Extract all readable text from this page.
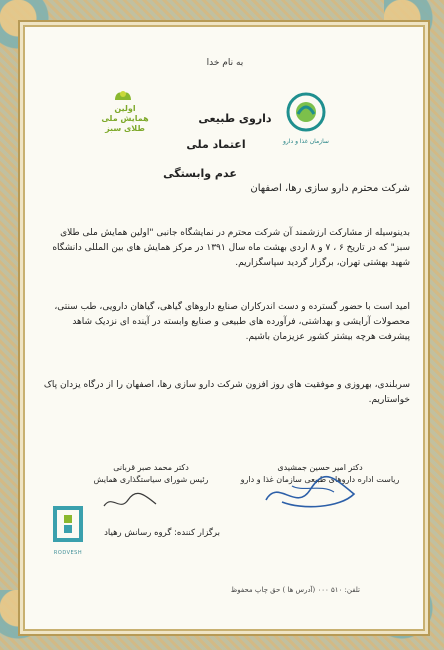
به نام خدا
اولین
همایش ملی
طلای سبز
سازمان غذا و دارو
داروی طبیعی
اعتماد ملی
عدم وابستگی
شرکت محترم دارو سازی رها، اصفهان
بدینوسیله از مشارکت ارزشمند آن شرکت محترم در نمایشگاه جانبی "اولین همایش ملی طلای سبز" که در تاریخ ۶ ، ۷ و ۸ اردی بهشت ماه سال ۱۳۹۱ در مرکز همایش های بین المللی دانشگاه شهید بهشتی تهران، برگزار گردید سپاسگزاریم.
امید است با حضور گسترده و دست اندرکاران صنایع داروهای گیاهی، گیاهان دارویی، طب سنتی، محصولات آرایشی و بهداشتی، فرآورده های طبیعی و صنایع وابسته در آینده ای نزدیک شاهد پیشرفت هرچه بیشتر کشور عزیزمان باشیم.
سربلندی، بهروزی و موفقیت های روز افزون شرکت دارو سازی رها، اصفهان را از درگاه یزدان پاک خواستاریم.
دکتر محمد صبر قربانی
رئیس شورای سیاستگذاری همایش
دکتر امیر حسین جمشیدی
ریاست اداره داروهای طبیعی سازمان غذا و دارو
RODVESH
برگزار کننده: گروه رسانش رهیاد
تلفن: ۵۱۰ ۰۰۰ (آدرس ها ) حق چاپ محفوظ
